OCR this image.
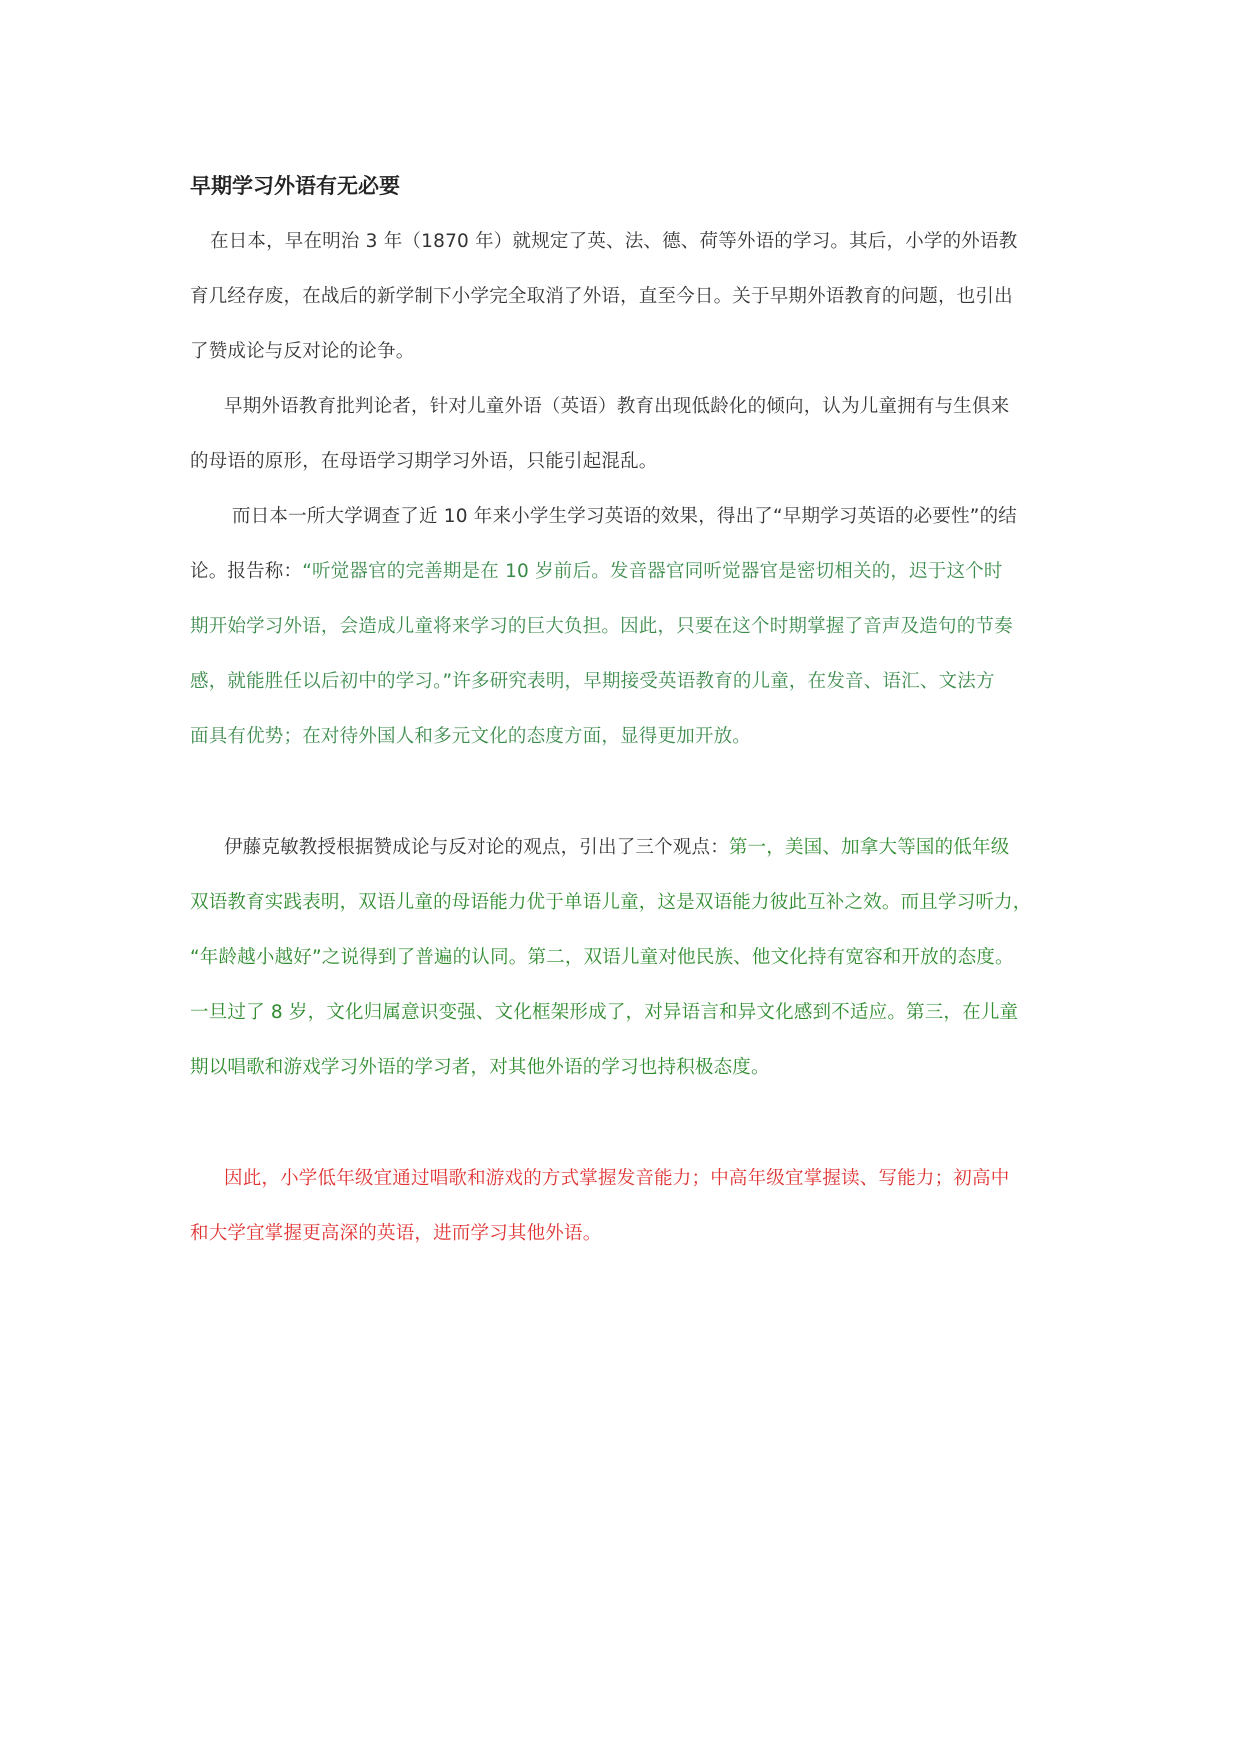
早期学习外语有无必要
在日本，早在明治 3 年（1870 年）就规定了英、法、德、荷等外语的学习。其后，小学的外语教
育几经存废，在战后的新学制下小学完全取消了外语，直至今日。关于早期外语教育的问题，也引出
了赞成论与反对论的论争。
早期外语教育批判论者，针对儿童外语（英语）教育出现低龄化的倾向，认为儿童拥有与生俱来
的母语的原形，在母语学习期学习外语，只能引起混乱。
而日本一所大学调查了近 10 年来小学生学习英语的效果，得出了“早期学习英语的必要性”的结
论。报告称：“听觉器官的完善期是在 10 岁前后。发音器官同听觉器官是密切相关的，迟于这个时
期开始学习外语，会造成儿童将来学习的巨大负担。因此，只要在这个时期掌握了音声及造句的节奏
感，就能胜任以后初中的学习。”许多研究表明，早期接受英语教育的儿童，在发音、语汇、文法方
面具有优势；在对待外国人和多元文化的态度方面，显得更加开放。
伊藤克敏教授根据赞成论与反对论的观点，引出了三个观点：第一，美国、加拿大等国的低年级
双语教育实践表明，双语儿童的母语能力优于单语儿童，这是双语能力彼此互补之效。而且学习听力，
“年龄越小越好”之说得到了普遍的认同。第二，双语儿童对他民族、他文化持有宽容和开放的态度。
一旦过了 8 岁，文化归属意识变强、文化框架形成了，对异语言和异文化感到不适应。第三，在儿童
期以唱歌和游戏学习外语的学习者，对其他外语的学习也持积极态度。
因此，小学低年级宜通过唱歌和游戏的方式掌握发音能力；中高年级宜掌握读、写能力；初高中
和大学宜掌握更高深的英语，进而学习其他外语。
